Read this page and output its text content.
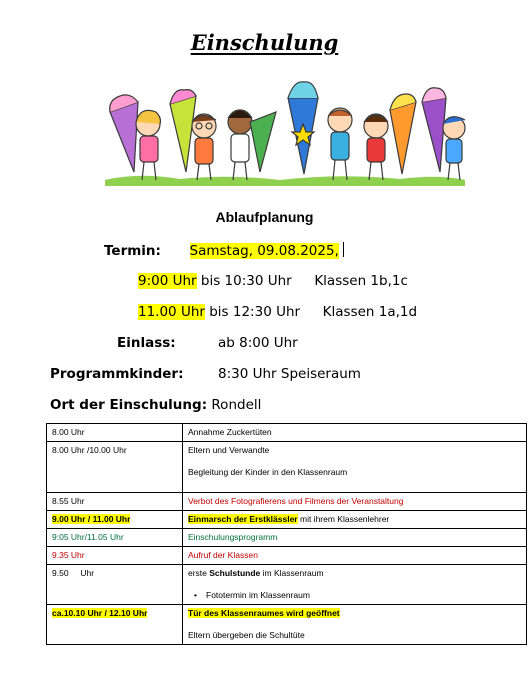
Einschulung
Ablaufplanung
Termin: Samstag, 09.08.2025,
9:00 Uhr bis 10:30 Uhr Klassen 1b,1c
11.00 Uhr bis 12:30 Uhr Klassen 1a,1d
Einlass:	ab 8:00 Uhr
Programmkinder:	8:30 Uhr Speiseraum
Ort der Einschulung: Rondell
8.00 Uhr	Annahme Zuckertüten

8.00 Uhr /10.00 Uhr	Eltern und Verwandte
Begleitung der Kinder in den Klassenraum

8.55 Uhr	Verbot des Fotografierens und Filmens der Veranstaltung

9.00 Uhr / 11.00 Uhr	Einmarsch der Erstklässler mit ihrem Klassenlehrer

9:05 Uhr/11.05 Uhr	Einschulungsprogramm

9.35 Uhr	Aufruf der Klassen

9.50     Uhr	erste Schulstunde im Klassenraum
• Fototermin im Klassenraum

ca.10.10 Uhr / 12.10 Uhr	Tür des Klassenraumes wird geöffnet
Eltern übergeben die Schultüte
